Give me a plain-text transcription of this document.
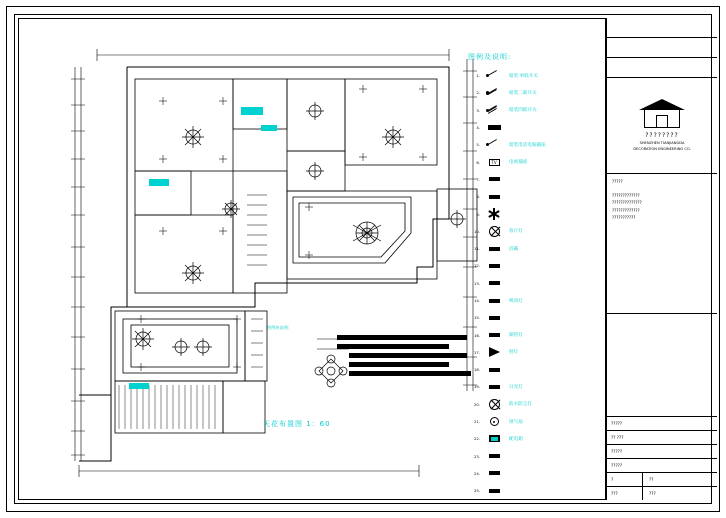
图例块说明:
天花布置图 1：60
图例及说明:
1.	暗装 单联开关
2.	暗装二联开关
3.	暗装四联开关
4.
5.	暗装电话电脑插座
6.	TV	电视插座
7.
8.
9.
10.	客厅灯
11.	浴霸
12.
13.
14.	吸顶灯
15.
16.	铜管灯
17.	射灯
18.
19.	日光灯
20.	防水防尘灯
21.	排气扇
22.	配电箱
23.
24.
25.
????????
SHENZHEN TIANJIANGDA
DECORATION ENGINEERING CO.
?????
?????????????
??????????????
?????????????
???????????
?????
?? ???
?????
?????
?	??
???	???
